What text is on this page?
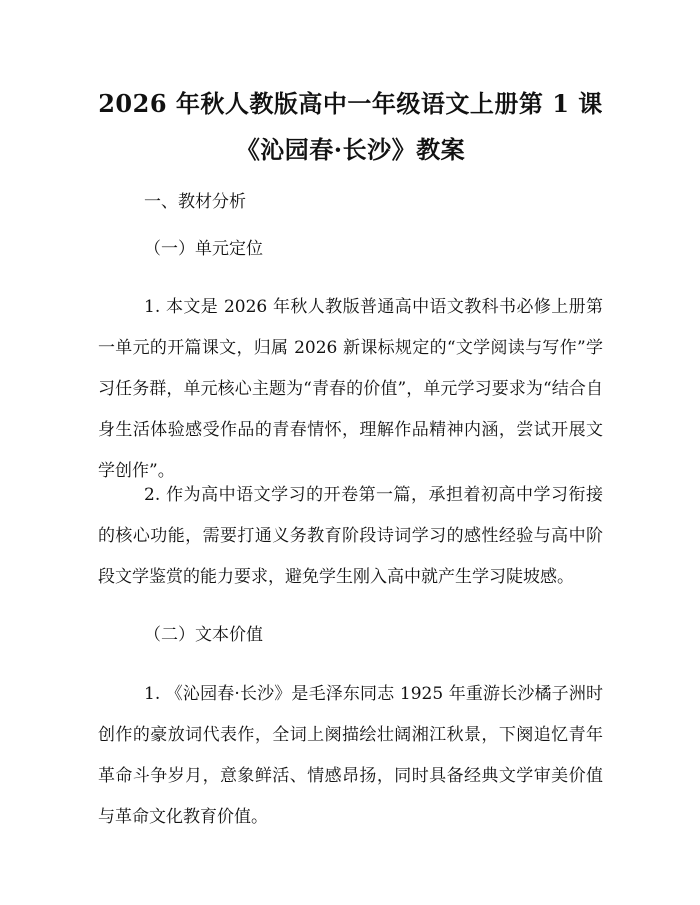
2026 年秋人教版高中一年级语文上册第 1 课
《沁园春·长沙》教案
一、教材分析
（一）单元定位
1. 本文是 2026 年秋人教版普通高中语文教科书必修上册第一单元的开篇课文，归属 2026 新课标规定的“文学阅读与写作”学习任务群，单元核心主题为“青春的价值”，单元学习要求为“结合自身生活体验感受作品的青春情怀，理解作品精神内涵，尝试开展文学创作”。
2. 作为高中语文学习的开卷第一篇，承担着初高中学习衔接的核心功能，需要打通义务教育阶段诗词学习的感性经验与高中阶段文学鉴赏的能力要求，避免学生刚入高中就产生学习陡坡感。
（二）文本价值
1. 《沁园春·长沙》是毛泽东同志 1925 年重游长沙橘子洲时创作的豪放词代表作，全词上阕描绘壮阔湘江秋景，下阕追忆青年革命斗争岁月，意象鲜活、情感昂扬，同时具备经典文学审美价值与革命文化教育价值。
